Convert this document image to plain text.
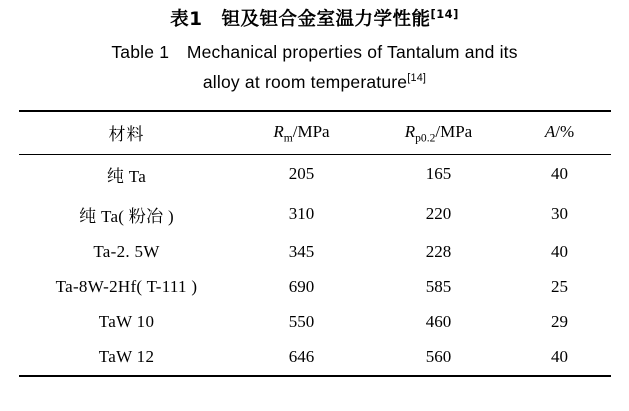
表1　钽及钽合金室温力学性能[14]
Table 1　Mechanical properties of Tantalum and its
alloy at room temperature[14]
材料	$R_m$/MPa	$R_{p0.2}$/MPa	A/%
纯 Ta	205	165	40
纯 Ta( 粉冶 )	310	220	30
Ta-2. 5W	345	228	40
Ta-8W-2Hf( T-111 )	690	585	25
TaW 10	550	460	29
TaW 12	646	560	40
